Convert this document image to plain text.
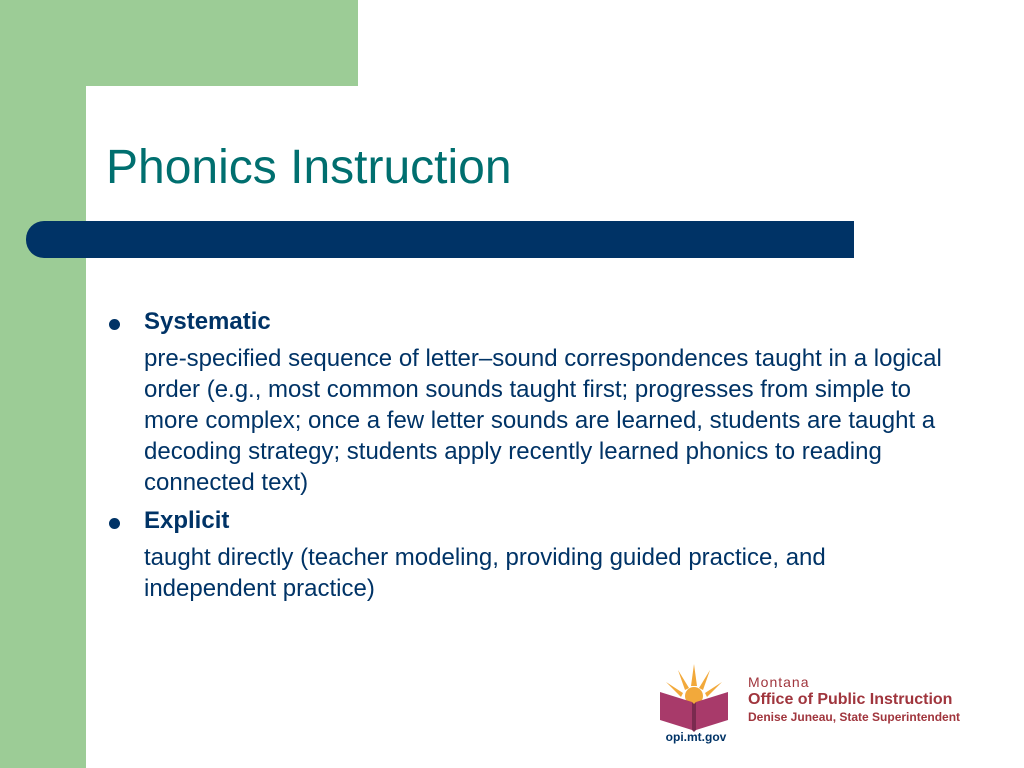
Phonics Instruction
Systematic
pre-specified sequence of letter–sound correspondences taught in a logical order (e.g., most common sounds taught first; progresses from simple to more complex; once a few letter sounds are learned, students are taught a decoding strategy; students apply recently learned phonics to reading connected text)
Explicit
taught directly (teacher modeling, providing guided practice, and independent practice)
opi.mt.gov
Montana
Office of Public Instruction
Denise Juneau, State Superintendent
